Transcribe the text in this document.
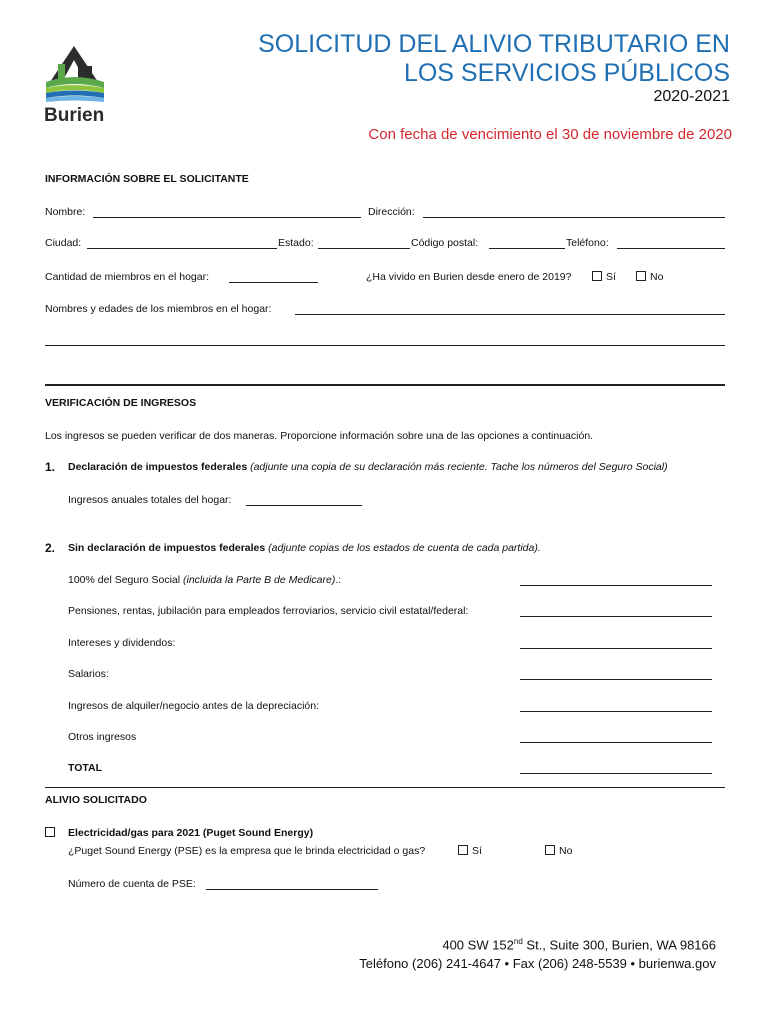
Burien
SOLICITUD DEL ALIVIO TRIBUTARIO EN
LOS SERVICIOS PÚBLICOS
2020-2021
Con fecha de vencimiento el 30 de noviembre de 2020
INFORMACIÓN SOBRE EL SOLICITANTE
Nombre:	Dirección:
Ciudad:	Estado:	Código postal:	Teléfono:
Cantidad de miembros en el hogar:	¿Ha vivido en Burien desde enero de 2019?	Sí	No
Nombres y edades de los miembros en el hogar:
VERIFICACIÓN DE INGRESOS
Los ingresos se pueden verificar de dos maneras. Proporcione información sobre una de las opciones a continuación.
1. Declaración de impuestos federales (adjunte una copia de su declaración más reciente. Tache los números del Seguro Social)
Ingresos anuales totales del hogar:
2. Sin declaración de impuestos federales (adjunte copias de los estados de cuenta de cada partida).
100% del Seguro Social (incluida la Parte B de Medicare).:
Pensiones, rentas, jubilación para empleados ferroviarios, servicio civil estatal/federal:
Intereses y dividendos:
Salarios:
Ingresos de alquiler/negocio antes de la depreciación:
Otros ingresos
TOTAL
ALIVIO SOLICITADO
Electricidad/gas para 2021 (Puget Sound Energy)
¿Puget Sound Energy (PSE) es la empresa que le brinda electricidad o gas?	Sí	No
Número de cuenta de PSE:
400 SW 152nd St., Suite 300, Burien, WA 98166
Teléfono (206) 241-4647 • Fax (206) 248-5539 • burienwa.gov
